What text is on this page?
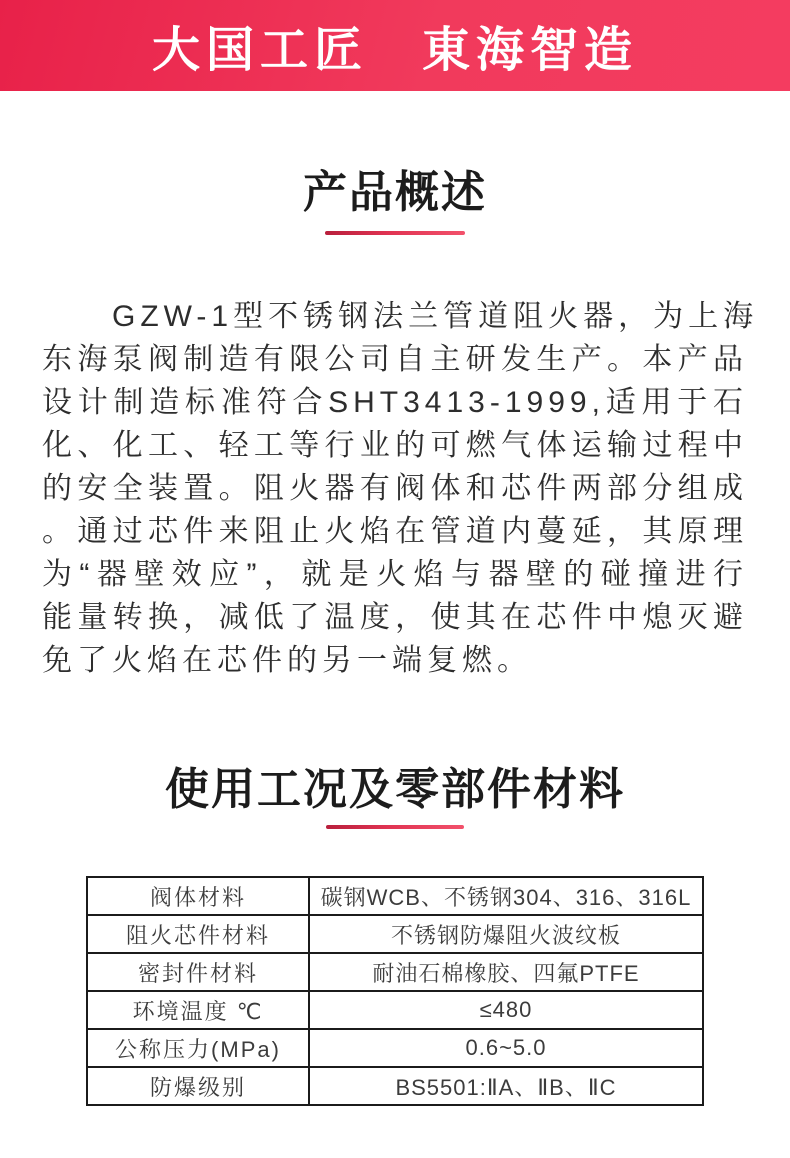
大国工匠　東海智造
产品概述
GZW-1型不锈钢法兰管道阻火器，为上海
东海泵阀制造有限公司自主研发生产。本产品
设计制造标准符合SHT3413-1999,适用于石
化、化工、轻工等行业的可燃气体运输过程中
的安全装置。阻火器有阀体和芯件两部分组成
。通过芯件来阻止火焰在管道内蔓延，其原理
为“器壁效应”，就是火焰与器壁的碰撞进行
能量转换，减低了温度，使其在芯件中熄灭避
免了火焰在芯件的另一端复燃。
使用工况及零部件材料
阀体材料	碳钢WCB、不锈钢304、316、316L
阻火芯件材料	不锈钢防爆阻火波纹板
密封件材料	耐油石棉橡胶、四氟PTFE
环境温度 ℃	≤480
公称压力(MPa)	0.6~5.0
防爆级别	BS5501:ⅡA、ⅡB、ⅡC
